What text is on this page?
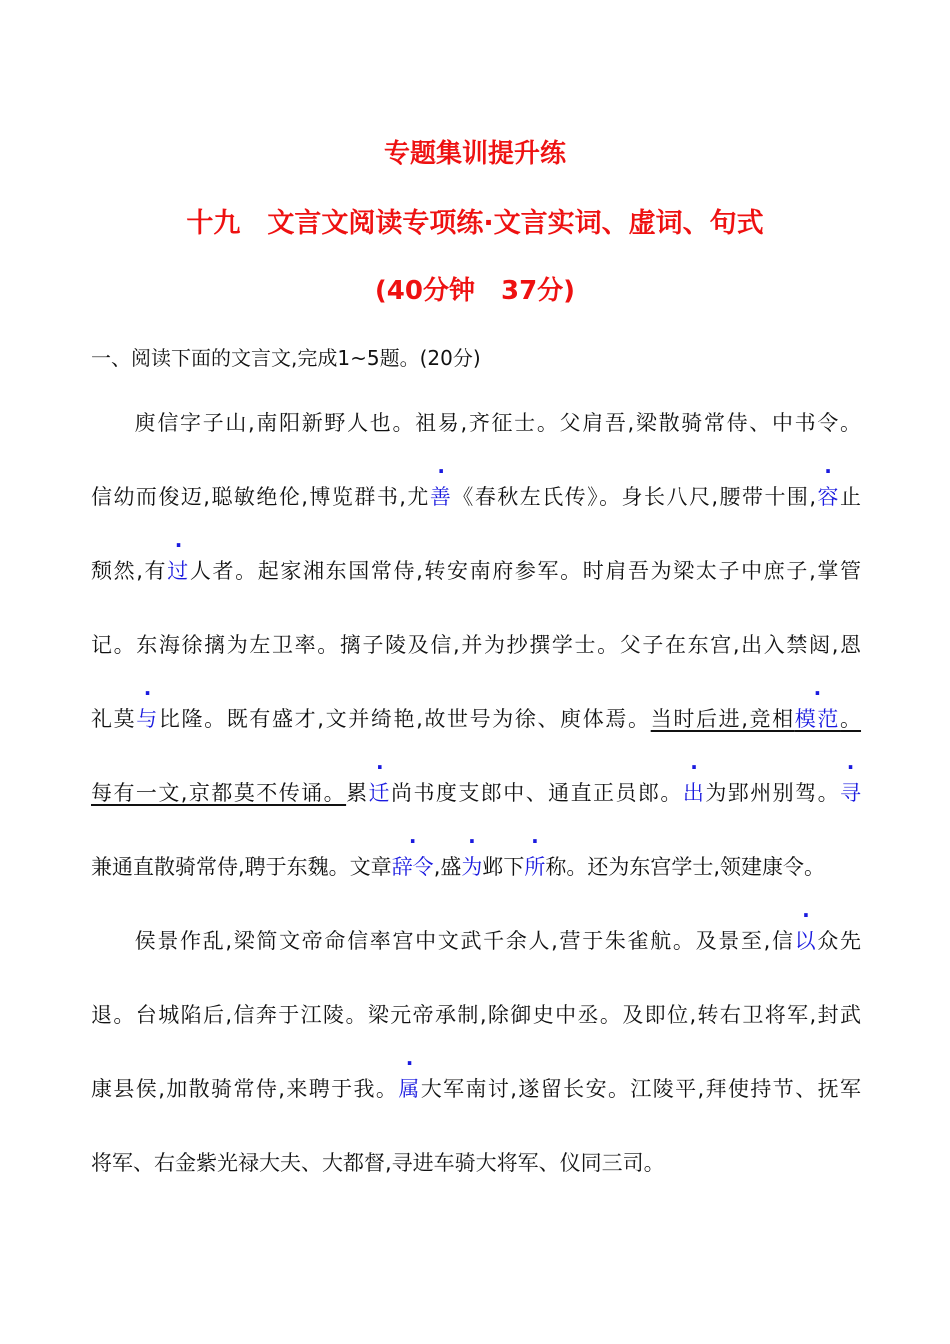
专题集训提升练
十九　文言文阅读专项练·文言实词、虚词、句式
(40分钟　37分)
一、阅读下面的文言文,完成1~5题。(20分)
庾信字子山,南阳新野人也。祖易,齐征士。父肩吾,梁散骑常侍、中书令。
信幼而俊迈,聪敏绝伦,博览群书,尤善《春秋左氏传》。身长八尺,腰带十围,容止
颓然,有过人者。起家湘东国常侍,转安南府参军。时肩吾为梁太子中庶子,掌管
记。东海徐摛为左卫率。摛子陵及信,并为抄撰学士。父子在东宫,出入禁闼,恩
礼莫与比隆。既有盛才,文并绮艳,故世号为徐、庾体焉。当时后进,竞相模范。
每有一文,京都莫不传诵。累迁尚书度支郎中、通直正员郎。出为郢州别驾。寻
兼通直散骑常侍,聘于东魏。文章辞令,盛为邺下所称。还为东宫学士,领建康令。
侯景作乱,梁简文帝命信率宫中文武千余人,营于朱雀航。及景至,信以众先
退。台城陷后,信奔于江陵。梁元帝承制,除御史中丞。及即位,转右卫将军,封武
康县侯,加散骑常侍,来聘于我。属大军南讨,遂留长安。江陵平,拜使持节、抚军
将军、右金紫光禄大夫、大都督,寻进车骑大将军、仪同三司。
